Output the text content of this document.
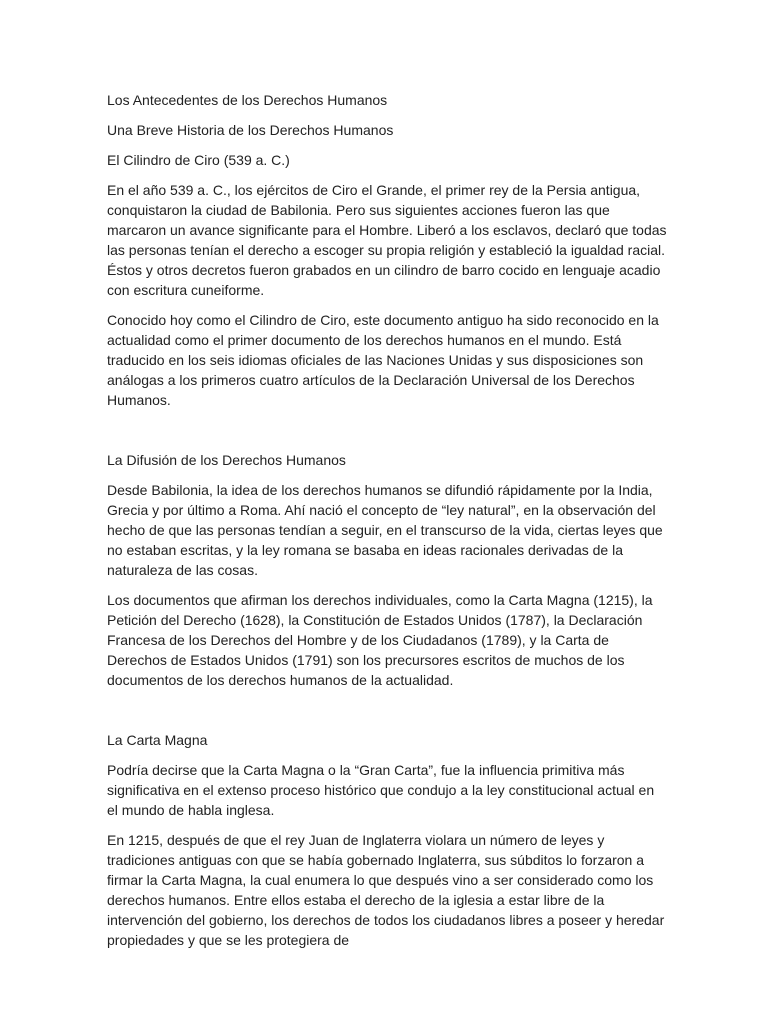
Los Antecedentes de los Derechos Humanos

Una Breve Historia de los Derechos Humanos

El Cilindro de Ciro (539 a. C.)

En el año 539 a. C., los ejércitos de Ciro el Grande, el primer rey de la Persia antigua, conquistaron la ciudad de Babilonia. Pero sus siguientes acciones fueron las que marcaron un avance significante para el Hombre. Liberó a los esclavos, declaró que todas las personas tenían el derecho a escoger su propia religión y estableció la igualdad racial. Éstos y otros decretos fueron grabados en un cilindro de barro cocido en lenguaje acadio con escritura cuneiforme.

Conocido hoy como el Cilindro de Ciro, este documento antiguo ha sido reconocido en la actualidad como el primer documento de los derechos humanos en el mundo. Está traducido en los seis idiomas oficiales de las Naciones Unidas y sus disposiciones son análogas a los primeros cuatro artículos de la Declaración Universal de los Derechos Humanos.

La Difusión de los Derechos Humanos

Desde Babilonia, la idea de los derechos humanos se difundió rápidamente por la India, Grecia y por último a Roma. Ahí nació el concepto de “ley natural”, en la observación del hecho de que las personas tendían a seguir, en el transcurso de la vida, ciertas leyes que no estaban escritas, y la ley romana se basaba en ideas racionales derivadas de la naturaleza de las cosas.

Los documentos que afirman los derechos individuales, como la Carta Magna (1215), la Petición del Derecho (1628), la Constitución de Estados Unidos (1787), la Declaración Francesa de los Derechos del Hombre y de los Ciudadanos (1789), y la Carta de Derechos de Estados Unidos (1791) son los precursores escritos de muchos de los documentos de los derechos humanos de la actualidad.

La Carta Magna

Podría decirse que la Carta Magna o la “Gran Carta”, fue la influencia primitiva más significativa en el extenso proceso histórico que condujo a la ley constitucional actual en el mundo de habla inglesa.

En 1215, después de que el rey Juan de Inglaterra violara un número de leyes y tradiciones antiguas con que se había gobernado Inglaterra, sus súbditos lo forzaron a firmar la Carta Magna, la cual enumera lo que después vino a ser considerado como los derechos humanos. Entre ellos estaba el derecho de la iglesia a estar libre de la intervención del gobierno, los derechos de todos los ciudadanos libres a poseer y heredar propiedades y que se les protegiera de
